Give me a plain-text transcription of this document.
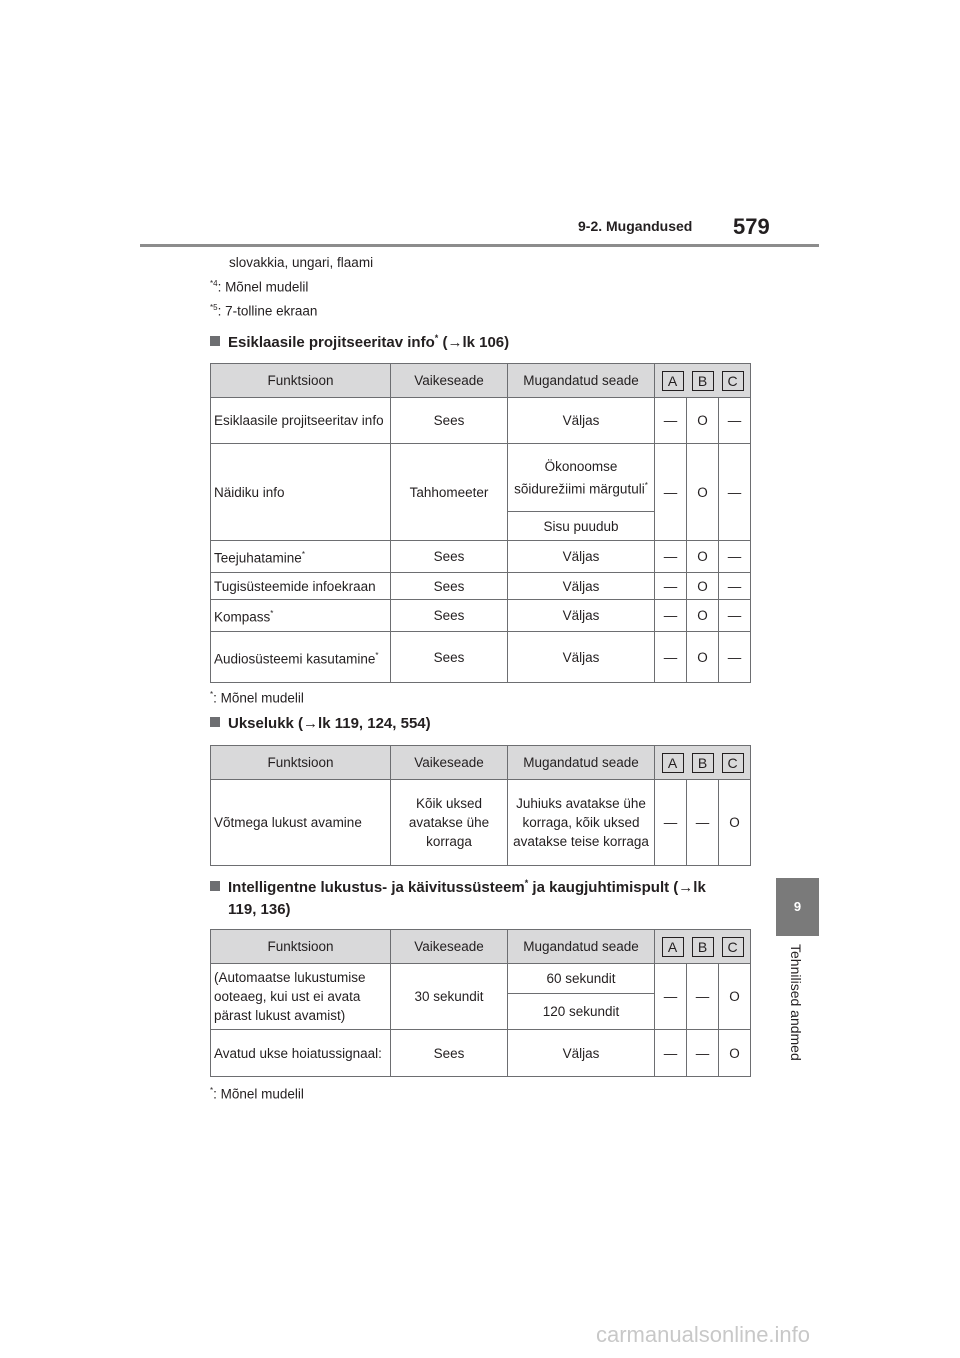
9-2. Mugandused 579
9
Tehnilised andmed
slovakkia, ungari, flaami
$^{*4}$: Mõnel mudelil
$^{*5}$: 7-tolline ekraan
Esiklaasile projitseeritav info* (→lk 106)
Funktsioon	Vaikeseade	Mugandatud seade	A B C		

Esiklaasile projitseeritav info	Sees	Väljas	—	O	—
Näidiku info	Tahhomeeter	Ökonoomse sõidurežiimi märgutuli*	—	O	—
		Sisu puudub			
Teejuhatamine*	Sees	Väljas	—	O	—
Tugisüsteemide infoekraan	Sees	Väljas	—	O	—
Kompass*	Sees	Väljas	—	O	—
Audiosüsteemi kasutamine*	Sees	Väljas	—	O	—
*: Mõnel mudelil
Ukselukk (→lk 119, 124, 554)
Funktsioon	Vaikeseade	Mugandatud seade	A B C		

Võtmega lukust avamine	Kõik uksed avatakse ühe korraga	Juhiuks avatakse ühe korraga, kõik uksed avatakse teise korraga	—	—	O
Intelligentne lukustus- ja käivitussüsteem* ja kaugjuhtimispult (→lk
119, 136)
Funktsioon	Vaikeseade	Mugandatud seade	A B C		

(Automaatse lukustumise ooteaeg, kui ust ei avata pärast lukust avamist)	30 sekundit	60 sekundit	—	—	O
		120 sekundit			
Avatud ukse hoiatussignaal:	Sees	Väljas	—	—	O
*: Mõnel mudelil
carmanualsonline.info
